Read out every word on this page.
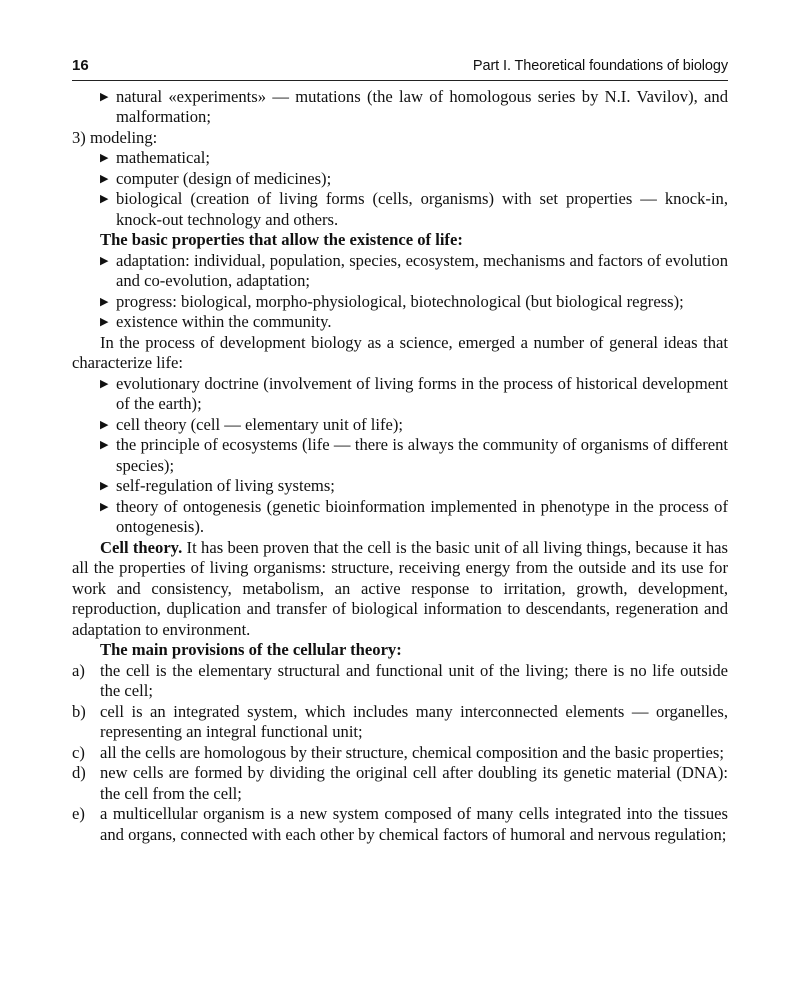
16	Part I. Theoretical foundations of biology
▶ natural «experiments» — mutations (the law of homologous series by N.I. Vavilov), and malformation;
3) modeling:
▶ mathematical;
▶ computer (design of medicines);
▶ biological (creation of living forms (cells, organisms) with set properties — knock-in, knock-out technology and others.
The basic properties that allow the existence of life:
▶ adaptation: individual, population, species, ecosystem, mechanisms and factors of evolution and co-evolution, adaptation;
▶ progress: biological, morpho-physiological, biotechnological (but biological regress);
▶ existence within the community.
In the process of development biology as a science, emerged a number of general ideas that characterize life:
▶ evolutionary doctrine (involvement of living forms in the process of historical development of the earth);
▶ cell theory (cell — elementary unit of life);
▶ the principle of ecosystems (life — there is always the community of organisms of different species);
▶ self-regulation of living systems;
▶ theory of ontogenesis (genetic bioinformation implemented in phenotype in the process of ontogenesis).
Cell theory. It has been proven that the cell is the basic unit of all living things, because it has all the properties of living organisms: structure, receiving energy from the outside and its use for work and consistency, metabolism, an active response to irritation, growth, development, reproduction, duplication and transfer of biological information to descendants, regeneration and adaptation to environment.
The main provisions of the cellular theory:
a) the cell is the elementary structural and functional unit of the living; there is no life outside the cell;
b) cell is an integrated system, which includes many interconnected elements — organelles, representing an integral functional unit;
c) all the cells are homologous by their structure, chemical composition and the basic properties;
d) new cells are formed by dividing the original cell after doubling its genetic material (DNA): the cell from the cell;
e) a multicellular organism is a new system composed of many cells integrated into the tissues and organs, connected with each other by chemical factors of humoral and nervous regulation;
